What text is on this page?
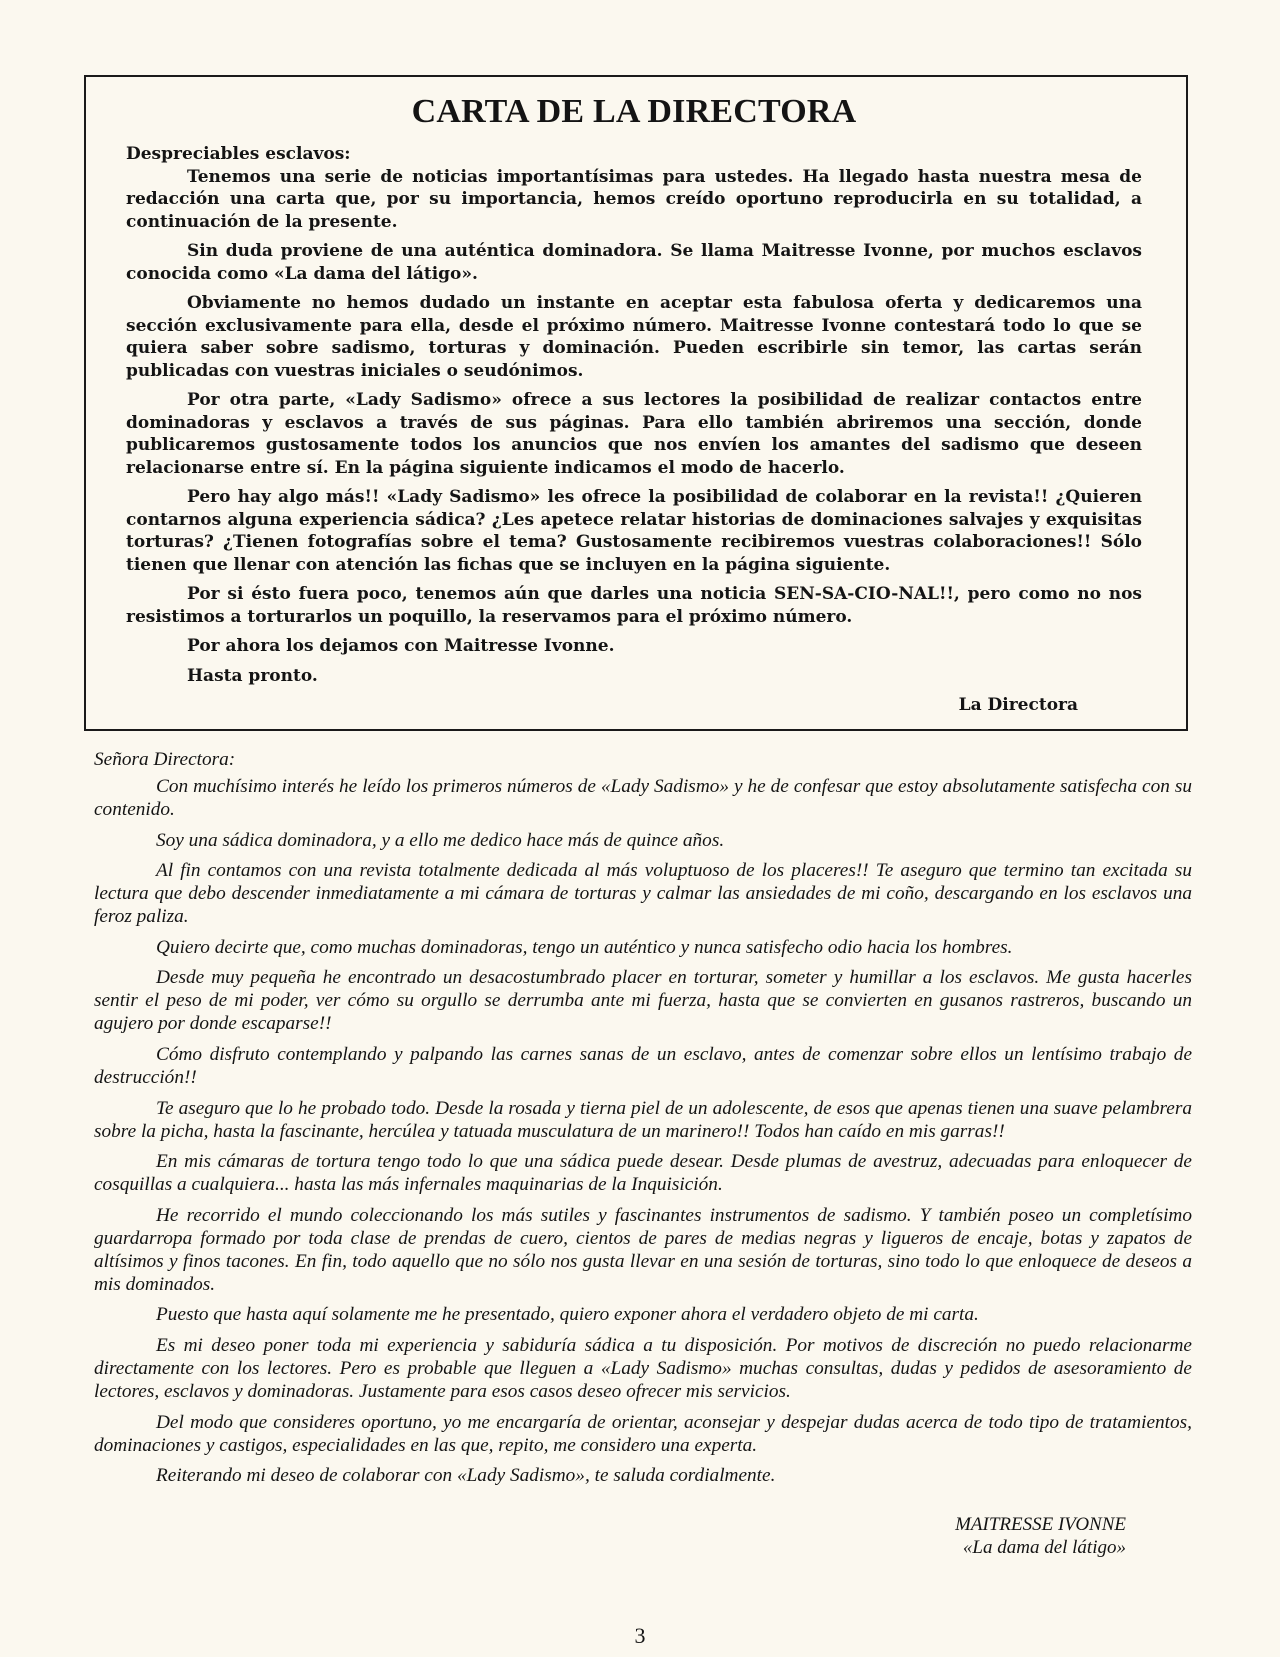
CARTA DE LA DIRECTORA

Despreciables esclavos:

Tenemos una serie de noticias importantísimas para ustedes. Ha llegado hasta nuestra mesa de redacción una carta que, por su importancia, hemos creído oportuno reproducirla en su totalidad, a continuación de la presente.

Sin duda proviene de una auténtica dominadora. Se llama Maitresse Ivonne, por muchos esclavos conocida como «La dama del látigo».

Obviamente no hemos dudado un instante en aceptar esta fabulosa oferta y dedicaremos una sección exclusivamente para ella, desde el próximo número. Maitresse Ivonne contestará todo lo que se quiera saber sobre sadismo, torturas y dominación. Pueden escribirle sin temor, las cartas serán publicadas con vuestras iniciales o seudónimos.

Por otra parte, «Lady Sadismo» ofrece a sus lectores la posibilidad de realizar contactos entre dominadoras y esclavos a través de sus páginas. Para ello también abriremos una sección, donde publicaremos gustosamente todos los anuncios que nos envíen los amantes del sadismo que deseen relacionarse entre sí. En la página siguiente indicamos el modo de hacerlo.

Pero hay algo más!! «Lady Sadismo» les ofrece la posibilidad de colaborar en la revista!! ¿Quieren contarnos alguna experiencia sádica? ¿Les apetece relatar historias de dominaciones salvajes y exquisitas torturas? ¿Tienen fotografías sobre el tema? Gustosamente recibiremos vuestras colaboraciones!! Sólo tienen que llenar con atención las fichas que se incluyen en la página siguiente.

Por si ésto fuera poco, tenemos aún que darles una noticia SEN-SA-CIO-NAL!!, pero como no nos resistimos a torturarlos un poquillo, la reservamos para el próximo número.

Por ahora los dejamos con Maitresse Ivonne.

Hasta pronto.

La Directora

Señora Directora:

Con muchísimo interés he leído los primeros números de «Lady Sadismo» y he de confesar que estoy absolutamente satisfecha con su contenido.

Soy una sádica dominadora, y a ello me dedico hace más de quince años.

Al fin contamos con una revista totalmente dedicada al más voluptuoso de los placeres!! Te aseguro que termino tan excitada su lectura que debo descender inmediatamente a mi cámara de torturas y calmar las ansiedades de mi coño, descargando en los esclavos una feroz paliza.

Quiero decirte que, como muchas dominadoras, tengo un auténtico y nunca satisfecho odio hacia los hombres.

Desde muy pequeña he encontrado un desacostumbrado placer en torturar, someter y humillar a los esclavos. Me gusta hacerles sentir el peso de mi poder, ver cómo su orgullo se derrumba ante mi fuerza, hasta que se convierten en gusanos rastreros, buscando un agujero por donde escaparse!!

Cómo disfruto contemplando y palpando las carnes sanas de un esclavo, antes de comenzar sobre ellos un lentísimo trabajo de destrucción!!

Te aseguro que lo he probado todo. Desde la rosada y tierna piel de un adolescente, de esos que apenas tienen una suave pelambrera sobre la picha, hasta la fascinante, hercúlea y tatuada musculatura de un marinero!! Todos han caído en mis garras!!

En mis cámaras de tortura tengo todo lo que una sádica puede desear. Desde plumas de avestruz, adecuadas para enloquecer de cosquillas a cualquiera... hasta las más infernales maquinarias de la Inquisición.

He recorrido el mundo coleccionando los más sutiles y fascinantes instrumentos de sadismo. Y también poseo un completísimo guardarropa formado por toda clase de prendas de cuero, cientos de pares de medias negras y ligueros de encaje, botas y zapatos de altísimos y finos tacones. En fin, todo aquello que no sólo nos gusta llevar en una sesión de torturas, sino todo lo que enloquece de deseos a mis dominados.

Puesto que hasta aquí solamente me he presentado, quiero exponer ahora el verdadero objeto de mi carta.

Es mi deseo poner toda mi experiencia y sabiduría sádica a tu disposición. Por motivos de discreción no puedo relacionarme directamente con los lectores. Pero es probable que lleguen a «Lady Sadismo» muchas consultas, dudas y pedidos de asesoramiento de lectores, esclavos y dominadoras. Justamente para esos casos deseo ofrecer mis servicios.

Del modo que consideres oportuno, yo me encargaría de orientar, aconsejar y despejar dudas acerca de todo tipo de tratamientos, dominaciones y castigos, especialidades en las que, repito, me considero una experta.

Reiterando mi deseo de colaborar con «Lady Sadismo», te saluda cordialmente.

MAITRESSE IVONNE
«La dama del látigo»
3
